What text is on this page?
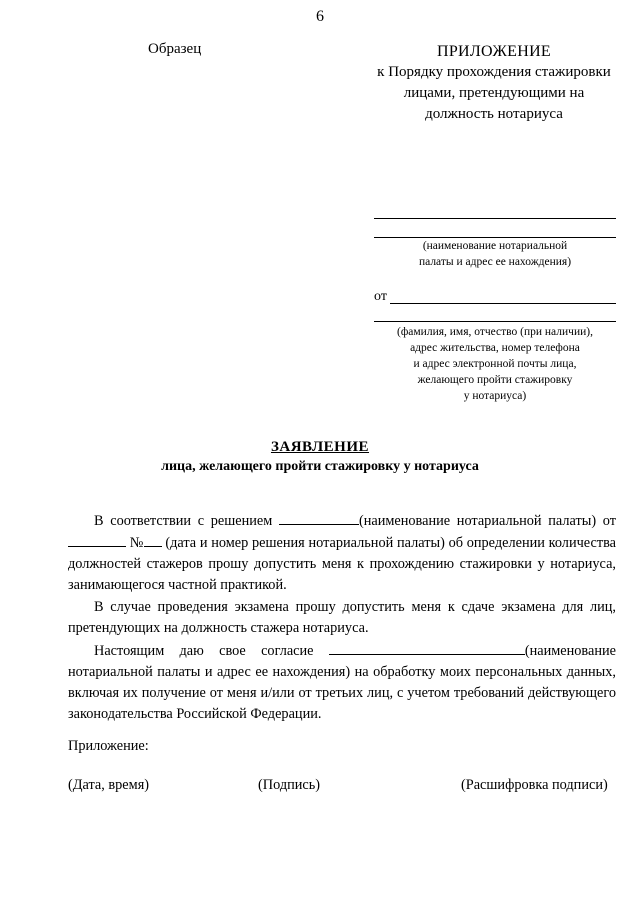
6
Образец	ПРИЛОЖЕНИЕ
к Порядку прохождения стажировки
лицами, претендующими на
должность нотариуса
(наименование нотариальной
палаты и адрес ее нахождения)
от
(фамилия, имя, отчество (при наличии),
адрес жительства, номер телефона
и адрес электронной почты лица,
желающего пройти стажировку
у нотариуса)
ЗАЯВЛЕНИЕ
лица, желающего пройти стажировку у нотариуса

В соответствии с решением	(наименование нотариальной палаты) от № (дата и номер решения нотариальной палаты) об определении количества должностей стажеров прошу допустить меня к прохождению стажировки у нотариуса, занимающегося частной практикой.

В случае проведения экзамена прошу допустить меня к сдаче экзамена для лиц, претендующих на должность стажера нотариуса.

Настоящим даю свое согласие	(наименование нотариальной палаты и адрес ее нахождения) на обработку моих персональных данных, включая их получение от меня и/или от третьих лиц, с учетом требований действующего законодательства Российской Федерации.

Приложение:
(Дата, время)	(Подпись)	(Расшифровка подписи)
